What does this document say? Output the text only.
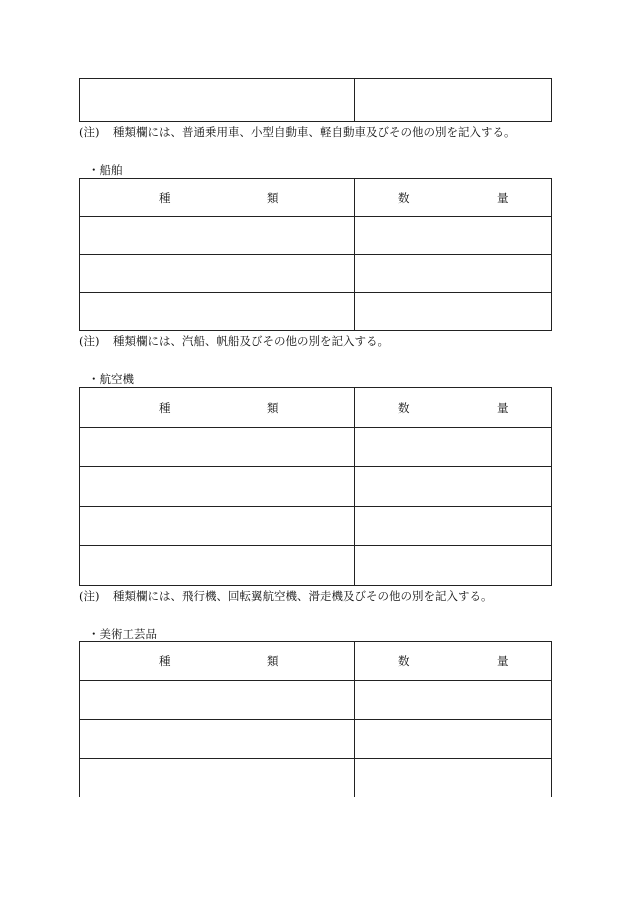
(注) 種類欄には、普通乗用車、小型自動車、軽自動車及びその他の別を記入する。
・船舶
種 類	数 量

(注) 種類欄には、汽船、帆船及びその他の別を記入する。
・航空機
種 類	数 量

(注) 種類欄には、飛行機、回転翼航空機、滑走機及びその他の別を記入する。
・美術工芸品
種 類	数 量
